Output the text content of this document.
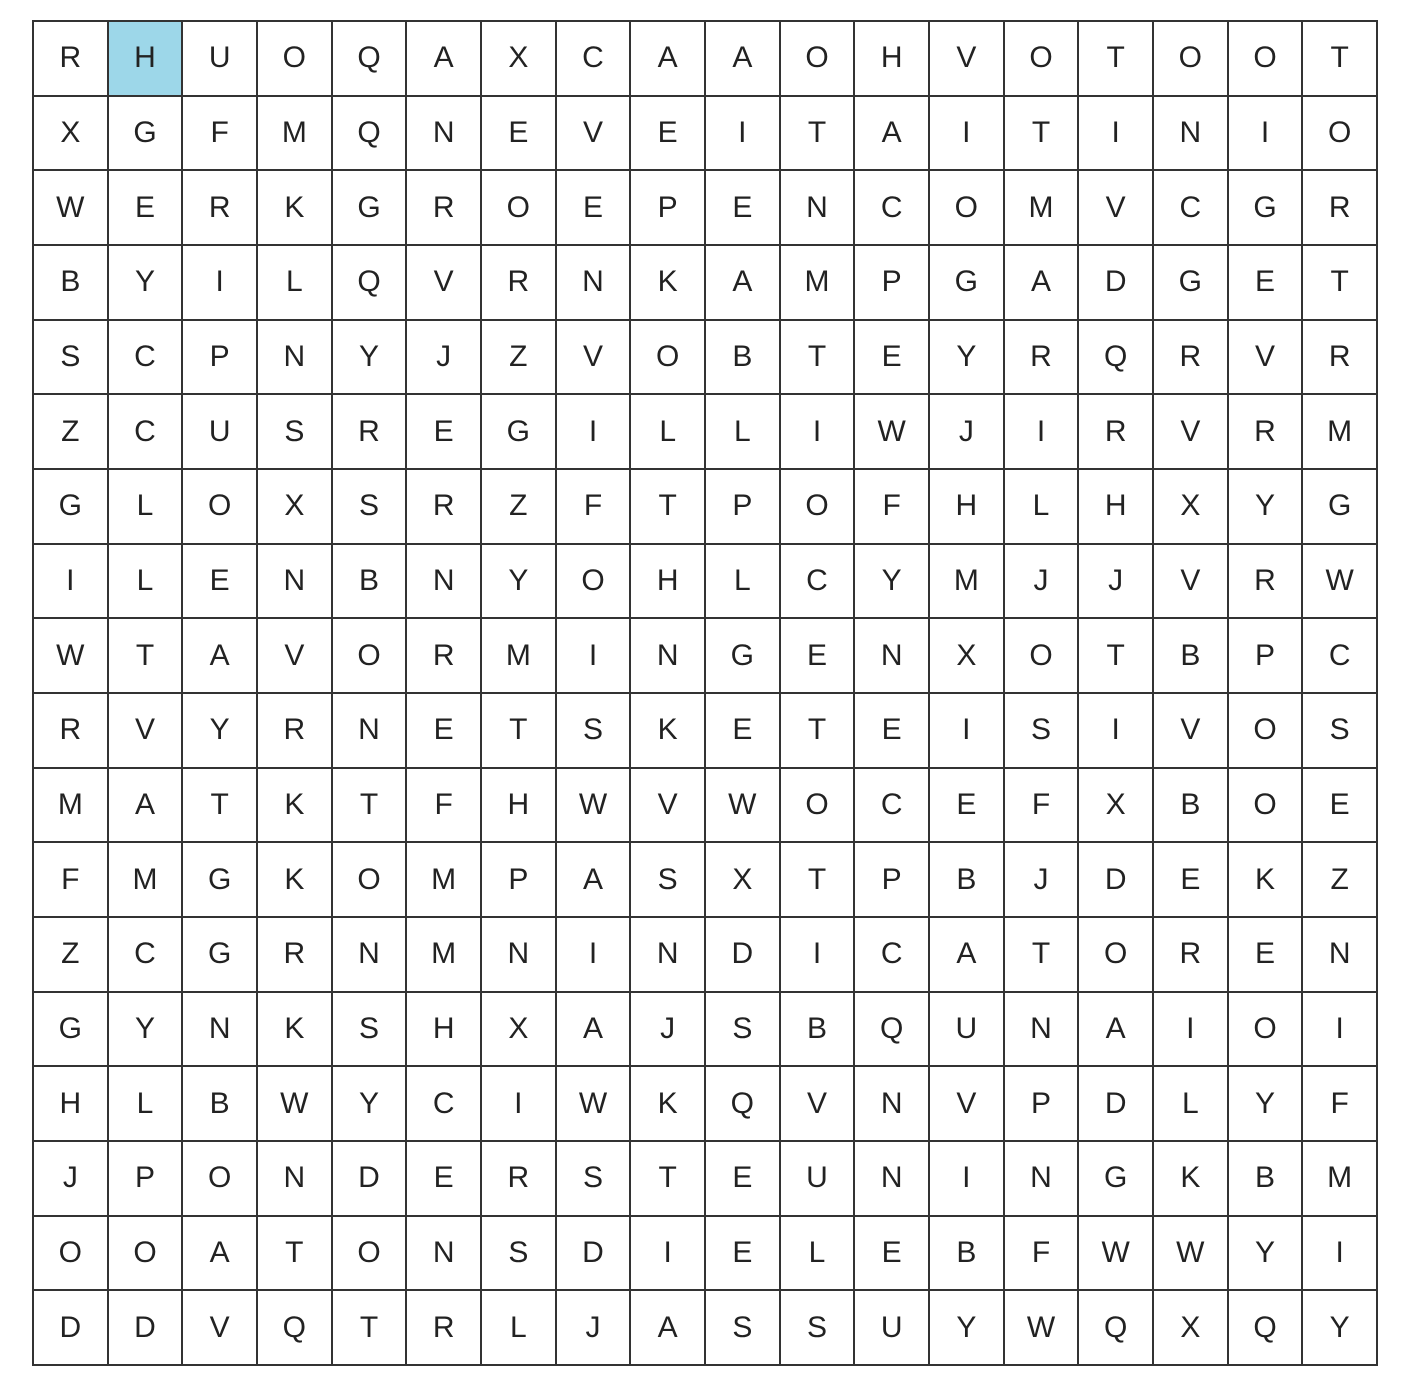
R	H	U	O	Q	A	X	C	A	A	O	H	V	O	T	O	O	T
X	G	F	M	Q	N	E	V	E	I	T	A	I	T	I	N	I	O
W	E	R	K	G	R	O	E	P	E	N	C	O	M	V	C	G	R
B	Y	I	L	Q	V	R	N	K	A	M	P	G	A	D	G	E	T
S	C	P	N	Y	J	Z	V	O	B	T	E	Y	R	Q	R	V	R
Z	C	U	S	R	E	G	I	L	L	I	W	J	I	R	V	R	M
G	L	O	X	S	R	Z	F	T	P	O	F	H	L	H	X	Y	G
I	L	E	N	B	N	Y	O	H	L	C	Y	M	J	J	V	R	W
W	T	A	V	O	R	M	I	N	G	E	N	X	O	T	B	P	C
R	V	Y	R	N	E	T	S	K	E	T	E	I	S	I	V	O	S
M	A	T	K	T	F	H	W	V	W	O	C	E	F	X	B	O	E
F	M	G	K	O	M	P	A	S	X	T	P	B	J	D	E	K	Z
Z	C	G	R	N	M	N	I	N	D	I	C	A	T	O	R	E	N
G	Y	N	K	S	H	X	A	J	S	B	Q	U	N	A	I	O	I
H	L	B	W	Y	C	I	W	K	Q	V	N	V	P	D	L	Y	F
J	P	O	N	D	E	R	S	T	E	U	N	I	N	G	K	B	M
O	O	A	T	O	N	S	D	I	E	L	E	B	F	W	W	Y	I
D	D	V	Q	T	R	L	J	A	S	S	U	Y	W	Q	X	Q	Y
